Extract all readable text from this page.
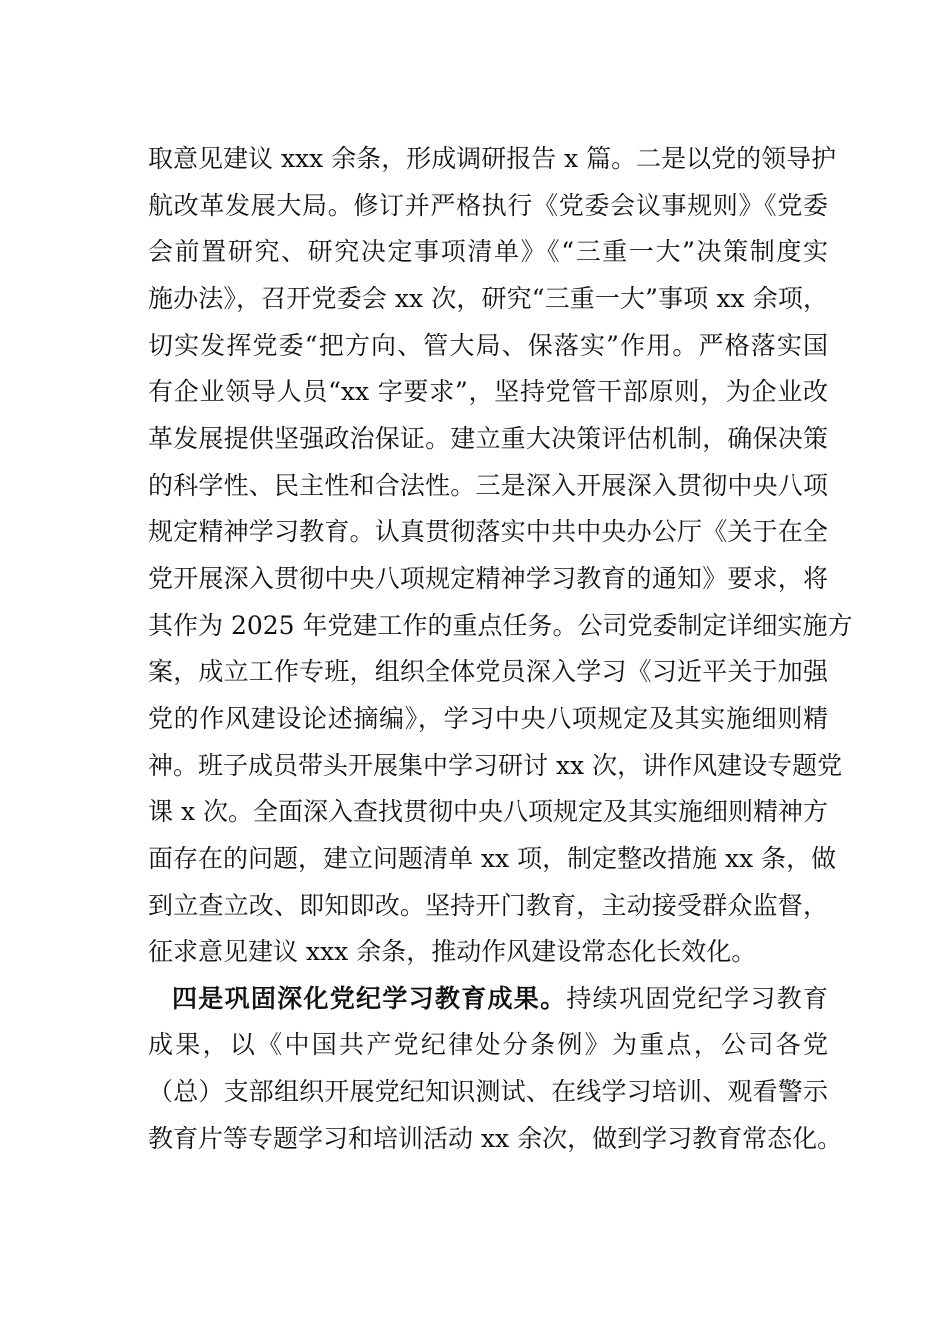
取意见建议 xxx 余条，形成调研报告 x 篇。二是以党的领导护
航改革发展大局。修订并严格执行《党委会议事规则》《党委
会前置研究、研究决定事项清单》《“三重一大”决策制度实
施办法》，召开党委会 xx 次，研究“三重一大”事项 xx 余项，
切实发挥党委“把方向、管大局、保落实”作用。严格落实国
有企业领导人员“xx 字要求”，坚持党管干部原则，为企业改
革发展提供坚强政治保证。建立重大决策评估机制，确保决策
的科学性、民主性和合法性。三是深入开展深入贯彻中央八项
规定精神学习教育。认真贯彻落实中共中央办公厅《关于在全
党开展深入贯彻中央八项规定精神学习教育的通知》要求，将
其作为 2025 年党建工作的重点任务。公司党委制定详细实施方
案，成立工作专班，组织全体党员深入学习《习近平关于加强
党的作风建设论述摘编》，学习中央八项规定及其实施细则精
神。班子成员带头开展集中学习研讨 xx 次，讲作风建设专题党
课 x 次。全面深入查找贯彻中央八项规定及其实施细则精神方
面存在的问题，建立问题清单 xx 项，制定整改措施 xx 条，做
到立查立改、即知即改。坚持开门教育，主动接受群众监督，
征求意见建议 xxx 余条，推动作风建设常态化长效化。
四是巩固深化党纪学习教育成果。持续巩固党纪学习教育
成果，以《中国共产党纪律处分条例》为重点，公司各党
（总）支部组织开展党纪知识测试、在线学习培训、观看警示
教育片等专题学习和培训活动 xx 余次，做到学习教育常态化。
